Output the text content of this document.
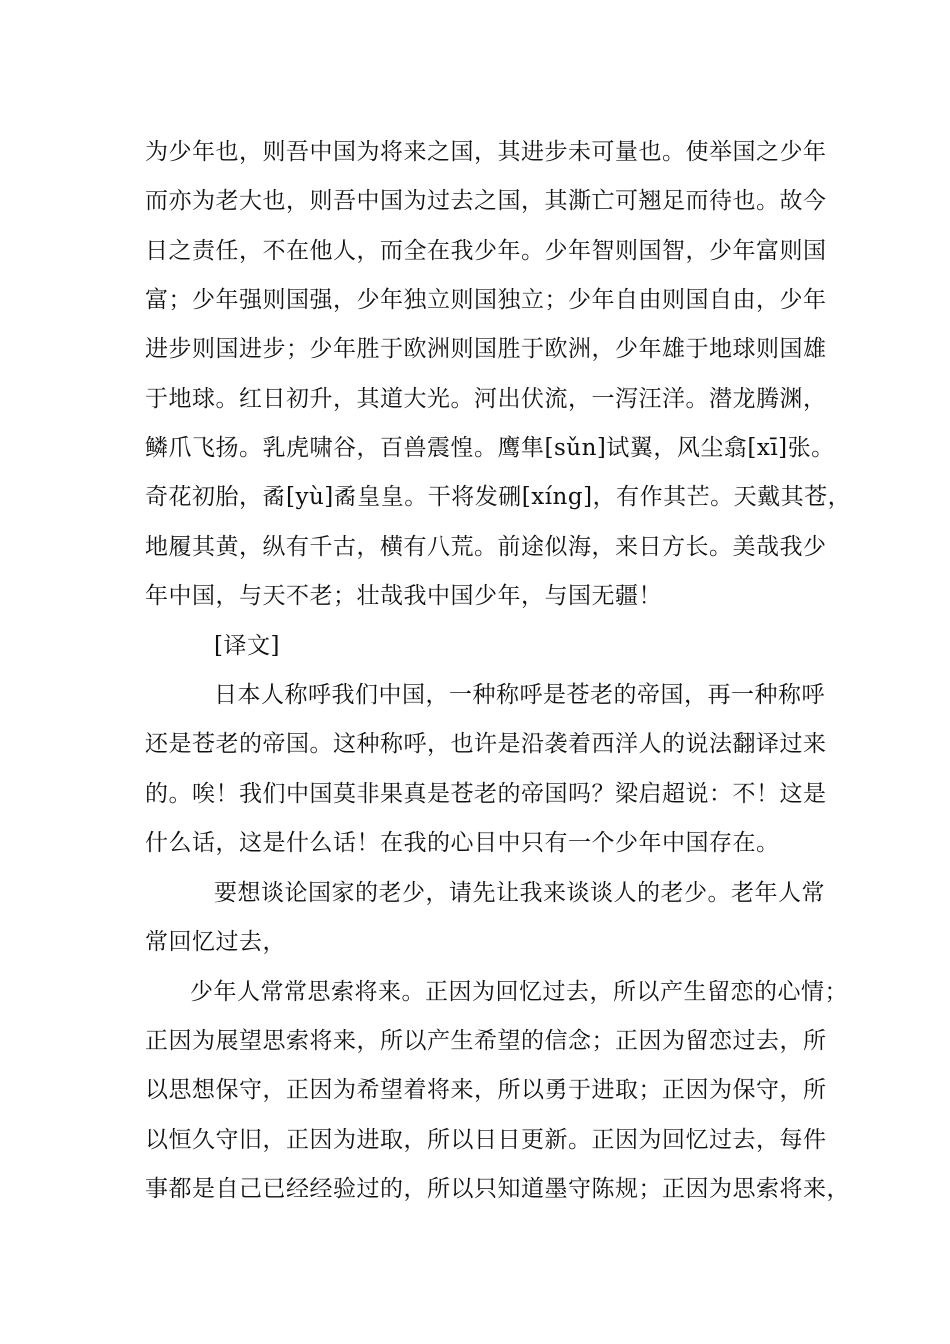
为少年也，则吾中国为将来之国，其进步未可量也。使举国之少年
而亦为老大也，则吾中国为过去之国，其澌亡可翘足而待也。故今
日之责任，不在他人，而全在我少年。少年智则国智，少年富则国
富；少年强则国强，少年独立则国独立；少年自由则国自由，少年
进步则国进步；少年胜于欧洲则国胜于欧洲，少年雄于地球则国雄
于地球。红日初升，其道大光。河出伏流，一泻汪洋。潜龙腾渊，
鳞爪飞扬。乳虎啸谷，百兽震惶。鹰隼[sǔn]试翼，风尘翕[xī]张。
奇花初胎，矞[yù]矞皇皇。干将发硎[xíng]，有作其芒。天戴其苍，
地履其黄，纵有千古，横有八荒。前途似海，来日方长。美哉我少
年中国，与天不老；壮哉我中国少年，与国无疆！
[译文]
日本人称呼我们中国，一种称呼是苍老的帝国，再一种称呼
还是苍老的帝国。这种称呼，也许是沿袭着西洋人的说法翻译过来
的。唉！我们中国莫非果真是苍老的帝国吗？梁启超说：不！这是
什么话，这是什么话！在我的心目中只有一个少年中国存在。
要想谈论国家的老少，请先让我来谈谈人的老少。老年人常
常回忆过去，
少年人常常思索将来。正因为回忆过去，所以产生留恋的心情；
正因为展望思索将来，所以产生希望的信念；正因为留恋过去，所
以思想保守，正因为希望着将来，所以勇于进取；正因为保守，所
以恒久守旧，正因为进取，所以日日更新。正因为回忆过去，每件
事都是自己已经经验过的，所以只知道墨守陈规；正因为思索将来，
